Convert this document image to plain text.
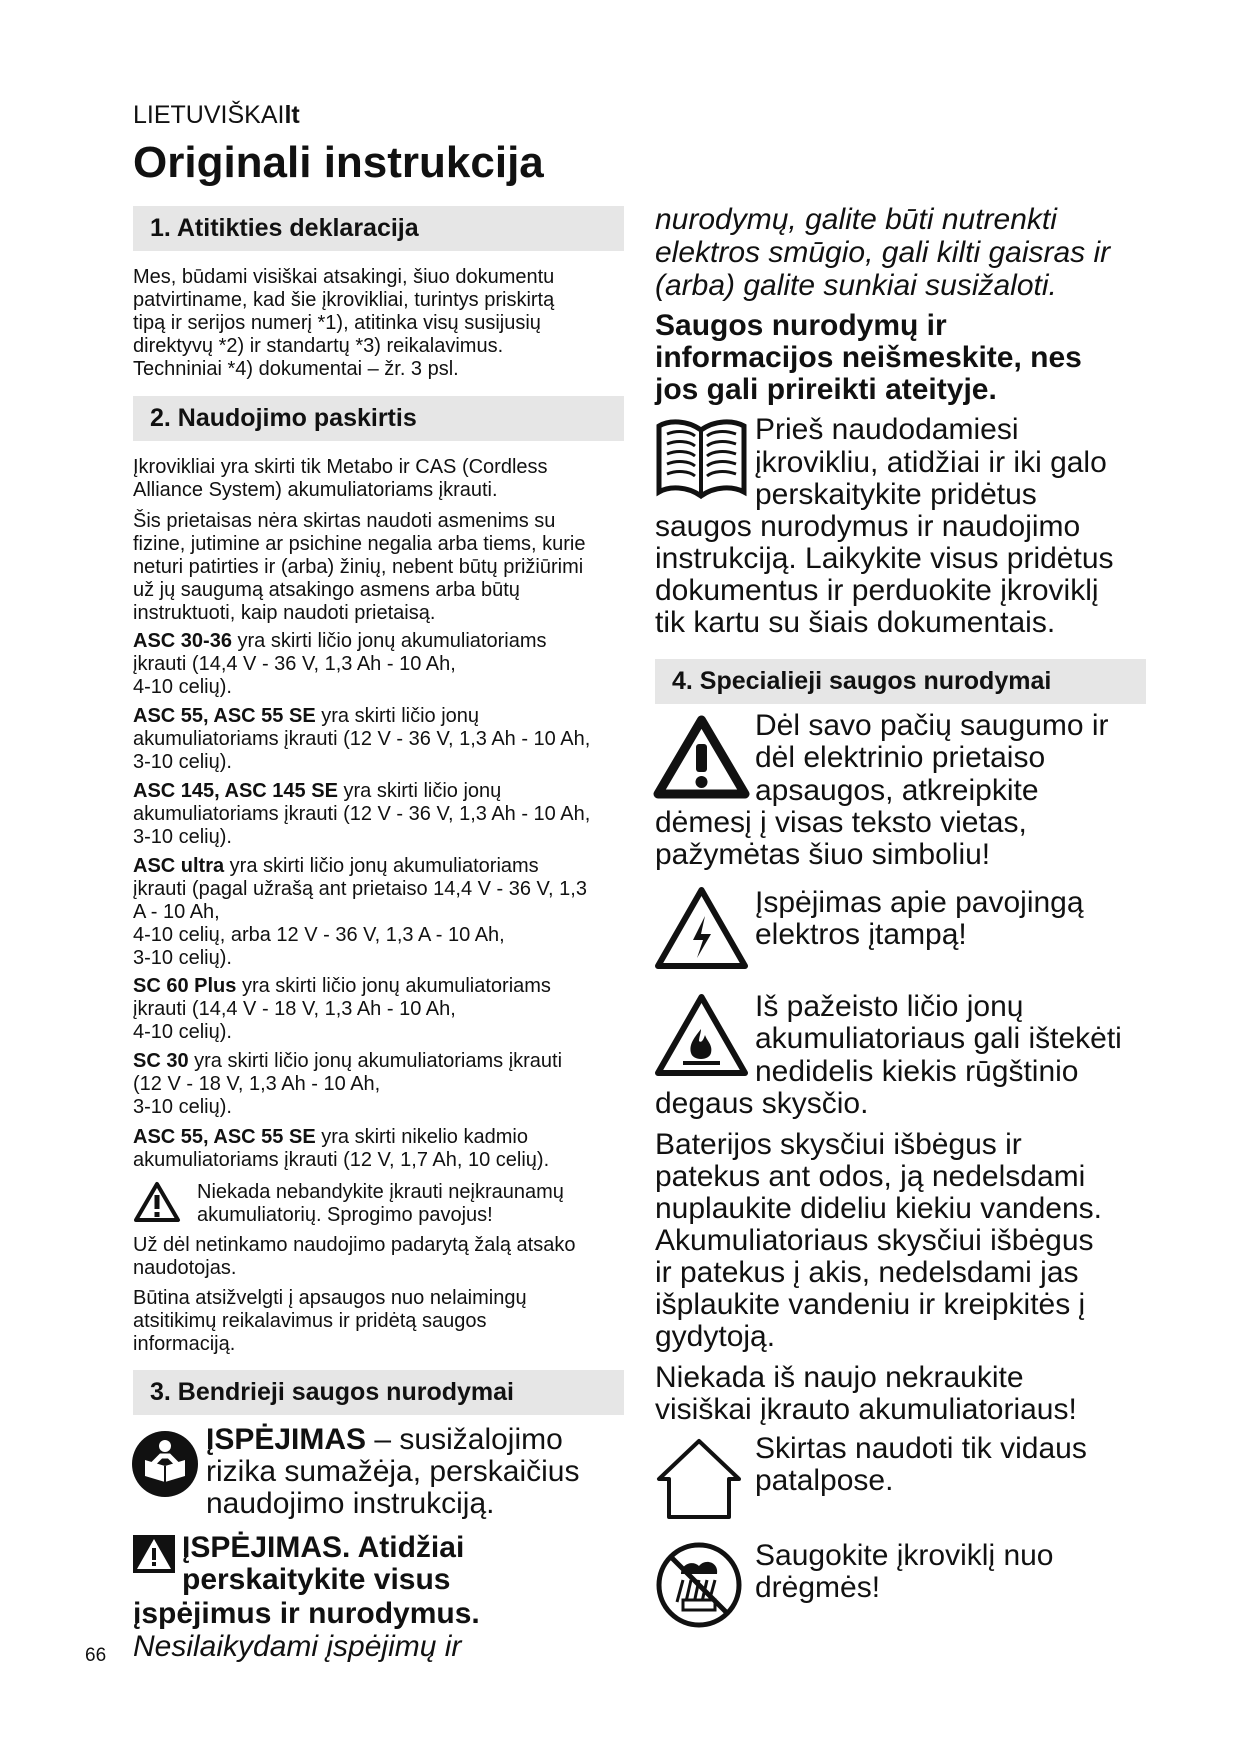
LIETUVIŠKAIlt
Originali instrukcija
1. Atitikties deklaracija
Mes, būdami visiškai atsakingi, šiuo dokumentu
patvirtiname, kad šie įkrovikliai, turintys priskirtą
tipą ir serijos numerį *1), atitinka visų susijusių
direktyvų *2) ir standartų *3) reikalavimus.
Techniniai *4) dokumentai – žr. 3 psl.
2. Naudojimo paskirtis
Įkrovikliai yra skirti tik Metabo ir CAS (Cordless
Alliance System) akumuliatoriams įkrauti.
Šis prietaisas nėra skirtas naudoti asmenims su
fizine, jutimine ar psichine negalia arba tiems, kurie
neturi patirties ir (arba) žinių, nebent būtų prižiūrimi
už jų saugumą atsakingo asmens arba būtų
instruktuoti, kaip naudoti prietaisą.
ASC 30-36 yra skirti ličio jonų akumuliatoriams
įkrauti (14,4 V - 36 V, 1,3 Ah - 10 Ah,
4-10 celių).
ASC 55, ASC 55 SE yra skirti ličio jonų
akumuliatoriams įkrauti (12 V - 36 V, 1,3 Ah - 10 Ah,
3-10 celių).
ASC 145, ASC 145 SE yra skirti ličio jonų
akumuliatoriams įkrauti (12 V - 36 V, 1,3 Ah - 10 Ah,
3-10 celių).
ASC ultra yra skirti ličio jonų akumuliatoriams
įkrauti (pagal užrašą ant prietaiso 14,4 V - 36 V, 1,3
A - 10 Ah,
4-10 celių, arba 12 V - 36 V, 1,3 A - 10 Ah,
3-10 celių).
SC 60 Plus yra skirti ličio jonų akumuliatoriams
įkrauti (14,4 V - 18 V, 1,3 Ah - 10 Ah,
4-10 celių).
SC 30 yra skirti ličio jonų akumuliatoriams įkrauti
(12 V - 18 V, 1,3 Ah - 10 Ah,
3-10 celių).
ASC 55, ASC 55 SE yra skirti nikelio kadmio
akumuliatoriams įkrauti (12 V, 1,7 Ah, 10 celių).
Niekada nebandykite įkrauti neįkraunamų
akumuliatorių. Sprogimo pavojus!
Už dėl netinkamo naudojimo padarytą žalą atsako
naudotojas.
Būtina atsižvelgti į apsaugos nuo nelaimingų
atsitikimų reikalavimus ir pridėtą saugos
informaciją.
3. Bendrieji saugos nurodymai
ĮSPĖJIMAS – susižalojimo
rizika sumažėja, perskaičius
naudojimo instrukciją.
ĮSPĖJIMAS. Atidžiai
perskaitykite visus
įspėjimus ir nurodymus.
Nesilaikydami įspėjimų ir
66
nurodymų, galite būti nutrenkti
elektros smūgio, gali kilti gaisras ir
(arba) galite sunkiai susižaloti.
Saugos nurodymų ir
informacijos neišmeskite, nes
jos gali prireikti ateityje.
Prieš naudodamiesi
įkrovikliu, atidžiai ir iki galo
perskaitykite pridėtus
saugos nurodymus ir naudojimo
instrukciją. Laikykite visus pridėtus
dokumentus ir perduokite įkroviklį
tik kartu su šiais dokumentais.
4. Specialieji saugos nurodymai
Dėl savo pačių saugumo ir
dėl elektrinio prietaiso
apsaugos, atkreipkite
dėmesį į visas teksto vietas,
pažymėtas šiuo simboliu!
Įspėjimas apie pavojingą
elektros įtampą!
Iš pažeisto ličio jonų
akumuliatoriaus gali ištekėti
nedidelis kiekis rūgštinio
degaus skysčio.
Baterijos skysčiui išbėgus ir
patekus ant odos, ją nedelsdami
nuplaukite dideliu kiekiu vandens.
Akumuliatoriaus skysčiui išbėgus
ir patekus į akis, nedelsdami jas
išplaukite vandeniu ir kreipkitės į
gydytoją.
Niekada iš naujo nekraukite
visiškai įkrauto akumuliatoriaus!
Skirtas naudoti tik vidaus
patalpose.
Saugokite įkroviklį nuo
drėgmės!
